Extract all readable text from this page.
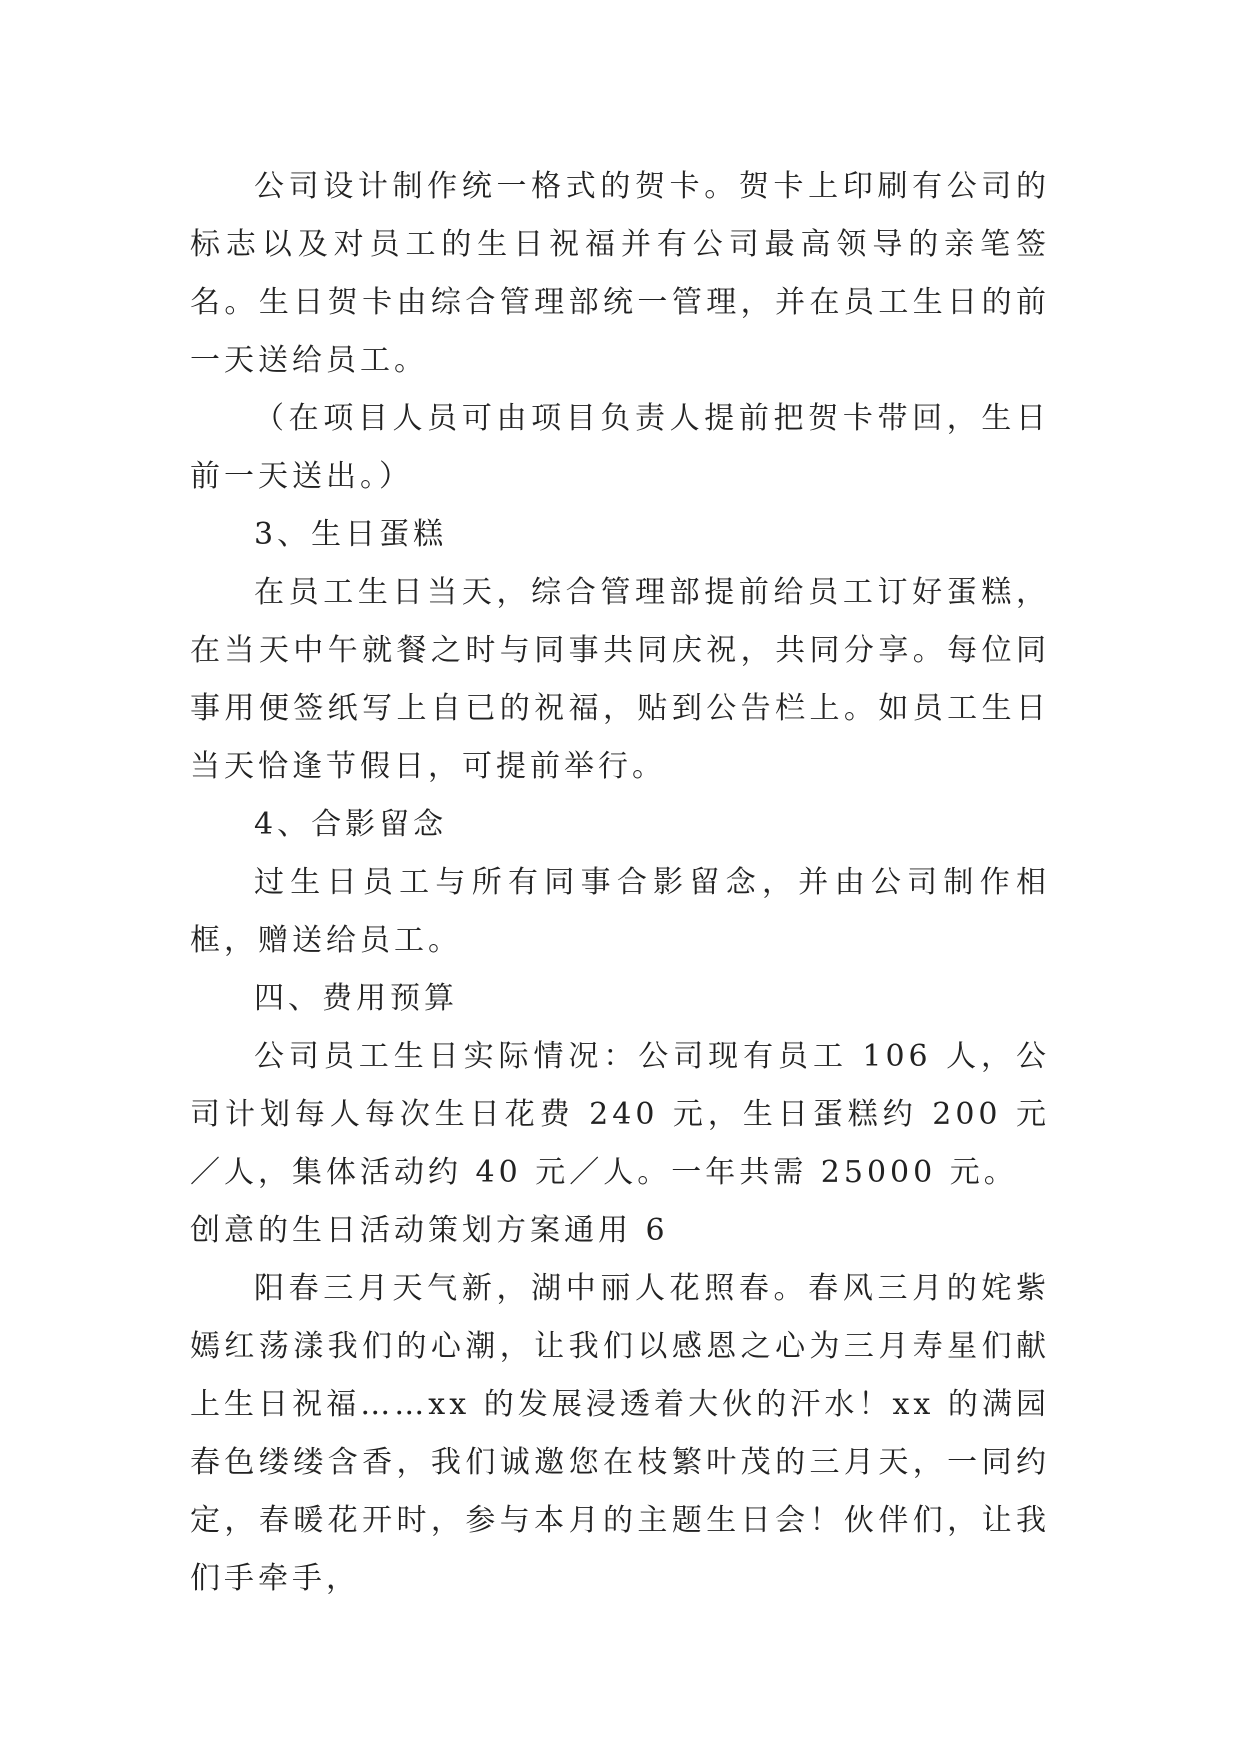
公司设计制作统一格式的贺卡。贺卡上印刷有公司的标志以及对员工的生日祝福并有公司最高领导的亲笔签名。生日贺卡由综合管理部统一管理，并在员工生日的前一天送给员工。

（在项目人员可由项目负责人提前把贺卡带回，生日前一天送出。）

3、生日蛋糕

在员工生日当天，综合管理部提前给员工订好蛋糕，在当天中午就餐之时与同事共同庆祝，共同分享。每位同事用便签纸写上自已的祝福，贴到公告栏上。如员工生日当天恰逢节假日，可提前举行。

4、合影留念

过生日员工与所有同事合影留念，并由公司制作相框，赠送给员工。

四、费用预算

公司员工生日实际情况：公司现有员工 106 人，公司计划每人每次生日花费 240 元，生日蛋糕约 200 元／人，集体活动约 40 元／人。一年共需 25000 元。

创意的生日活动策划方案通用 6

阳春三月天气新，湖中丽人花照春。春风三月的姹紫嫣红荡漾我们的心潮，让我们以感恩之心为三月寿星们献上生日祝福……xx 的发展浸透着大伙的汗水！xx 的满园春色缕缕含香，我们诚邀您在枝繁叶茂的三月天，一同约定，春暖花开时，参与本月的主题生日会！伙伴们，让我们手牵手，
